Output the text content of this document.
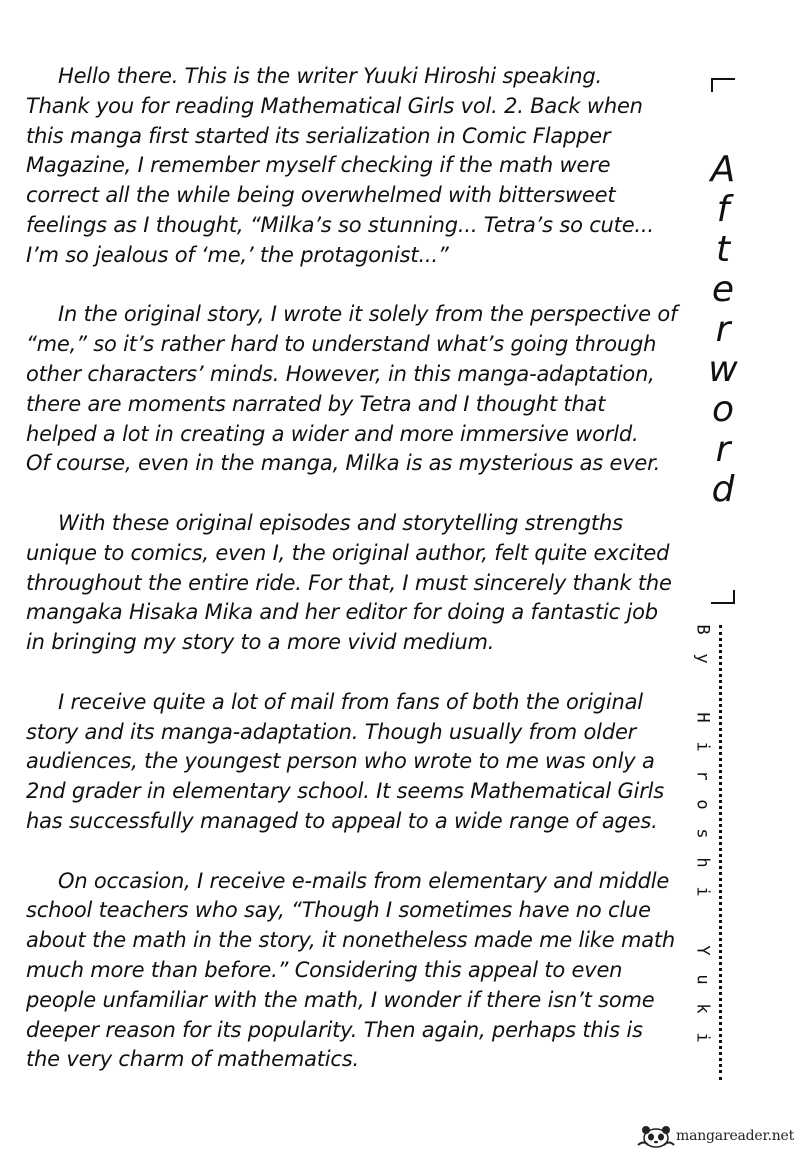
Hello there. This is the writer Yuuki Hiroshi speaking.
Thank you for reading Mathematical Girls vol. 2. Back when
this manga first started its serialization in Comic Flapper
Magazine, I remember myself checking if the math were
correct all the while being overwhelmed with bittersweet
feelings as I thought, “Milka’s so stunning... Tetra’s so cute...
I’m so jealous of ‘me,’ the protagonist...”

In the original story, I wrote it solely from the perspective of
“me,” so it’s rather hard to understand what’s going through
other characters’ minds. However, in this manga-adaptation,
there are moments narrated by Tetra and I thought that
helped a lot in creating a wider and more immersive world.
Of course, even in the manga, Milka is as mysterious as ever.

With these original episodes and storytelling strengths
unique to comics, even I, the original author, felt quite excited
throughout the entire ride. For that, I must sincerely thank the
mangaka Hisaka Mika and her editor for doing a fantastic job
in bringing my story to a more vivid medium.

I receive quite a lot of mail from fans of both the original
story and its manga-adaptation. Though usually from older
audiences, the youngest person who wrote to me was only a
2nd grader in elementary school. It seems Mathematical Girls
has successfully managed to appeal to a wide range of ages.

On occasion, I receive e-mails from elementary and middle
school teachers who say, “Though I sometimes have no clue
about the math in the story, it nonetheless made me like math
much more than before.” Considering this appeal to even
people unfamiliar with the math, I wonder if there isn’t some
deeper reason for its popularity. Then again, perhaps this is
the very charm of mathematics.

A
f
t
e
r
w
o
r
d
B
y
H
i
r
o
s
h
i
Y
u
k
i
mangareader.net
